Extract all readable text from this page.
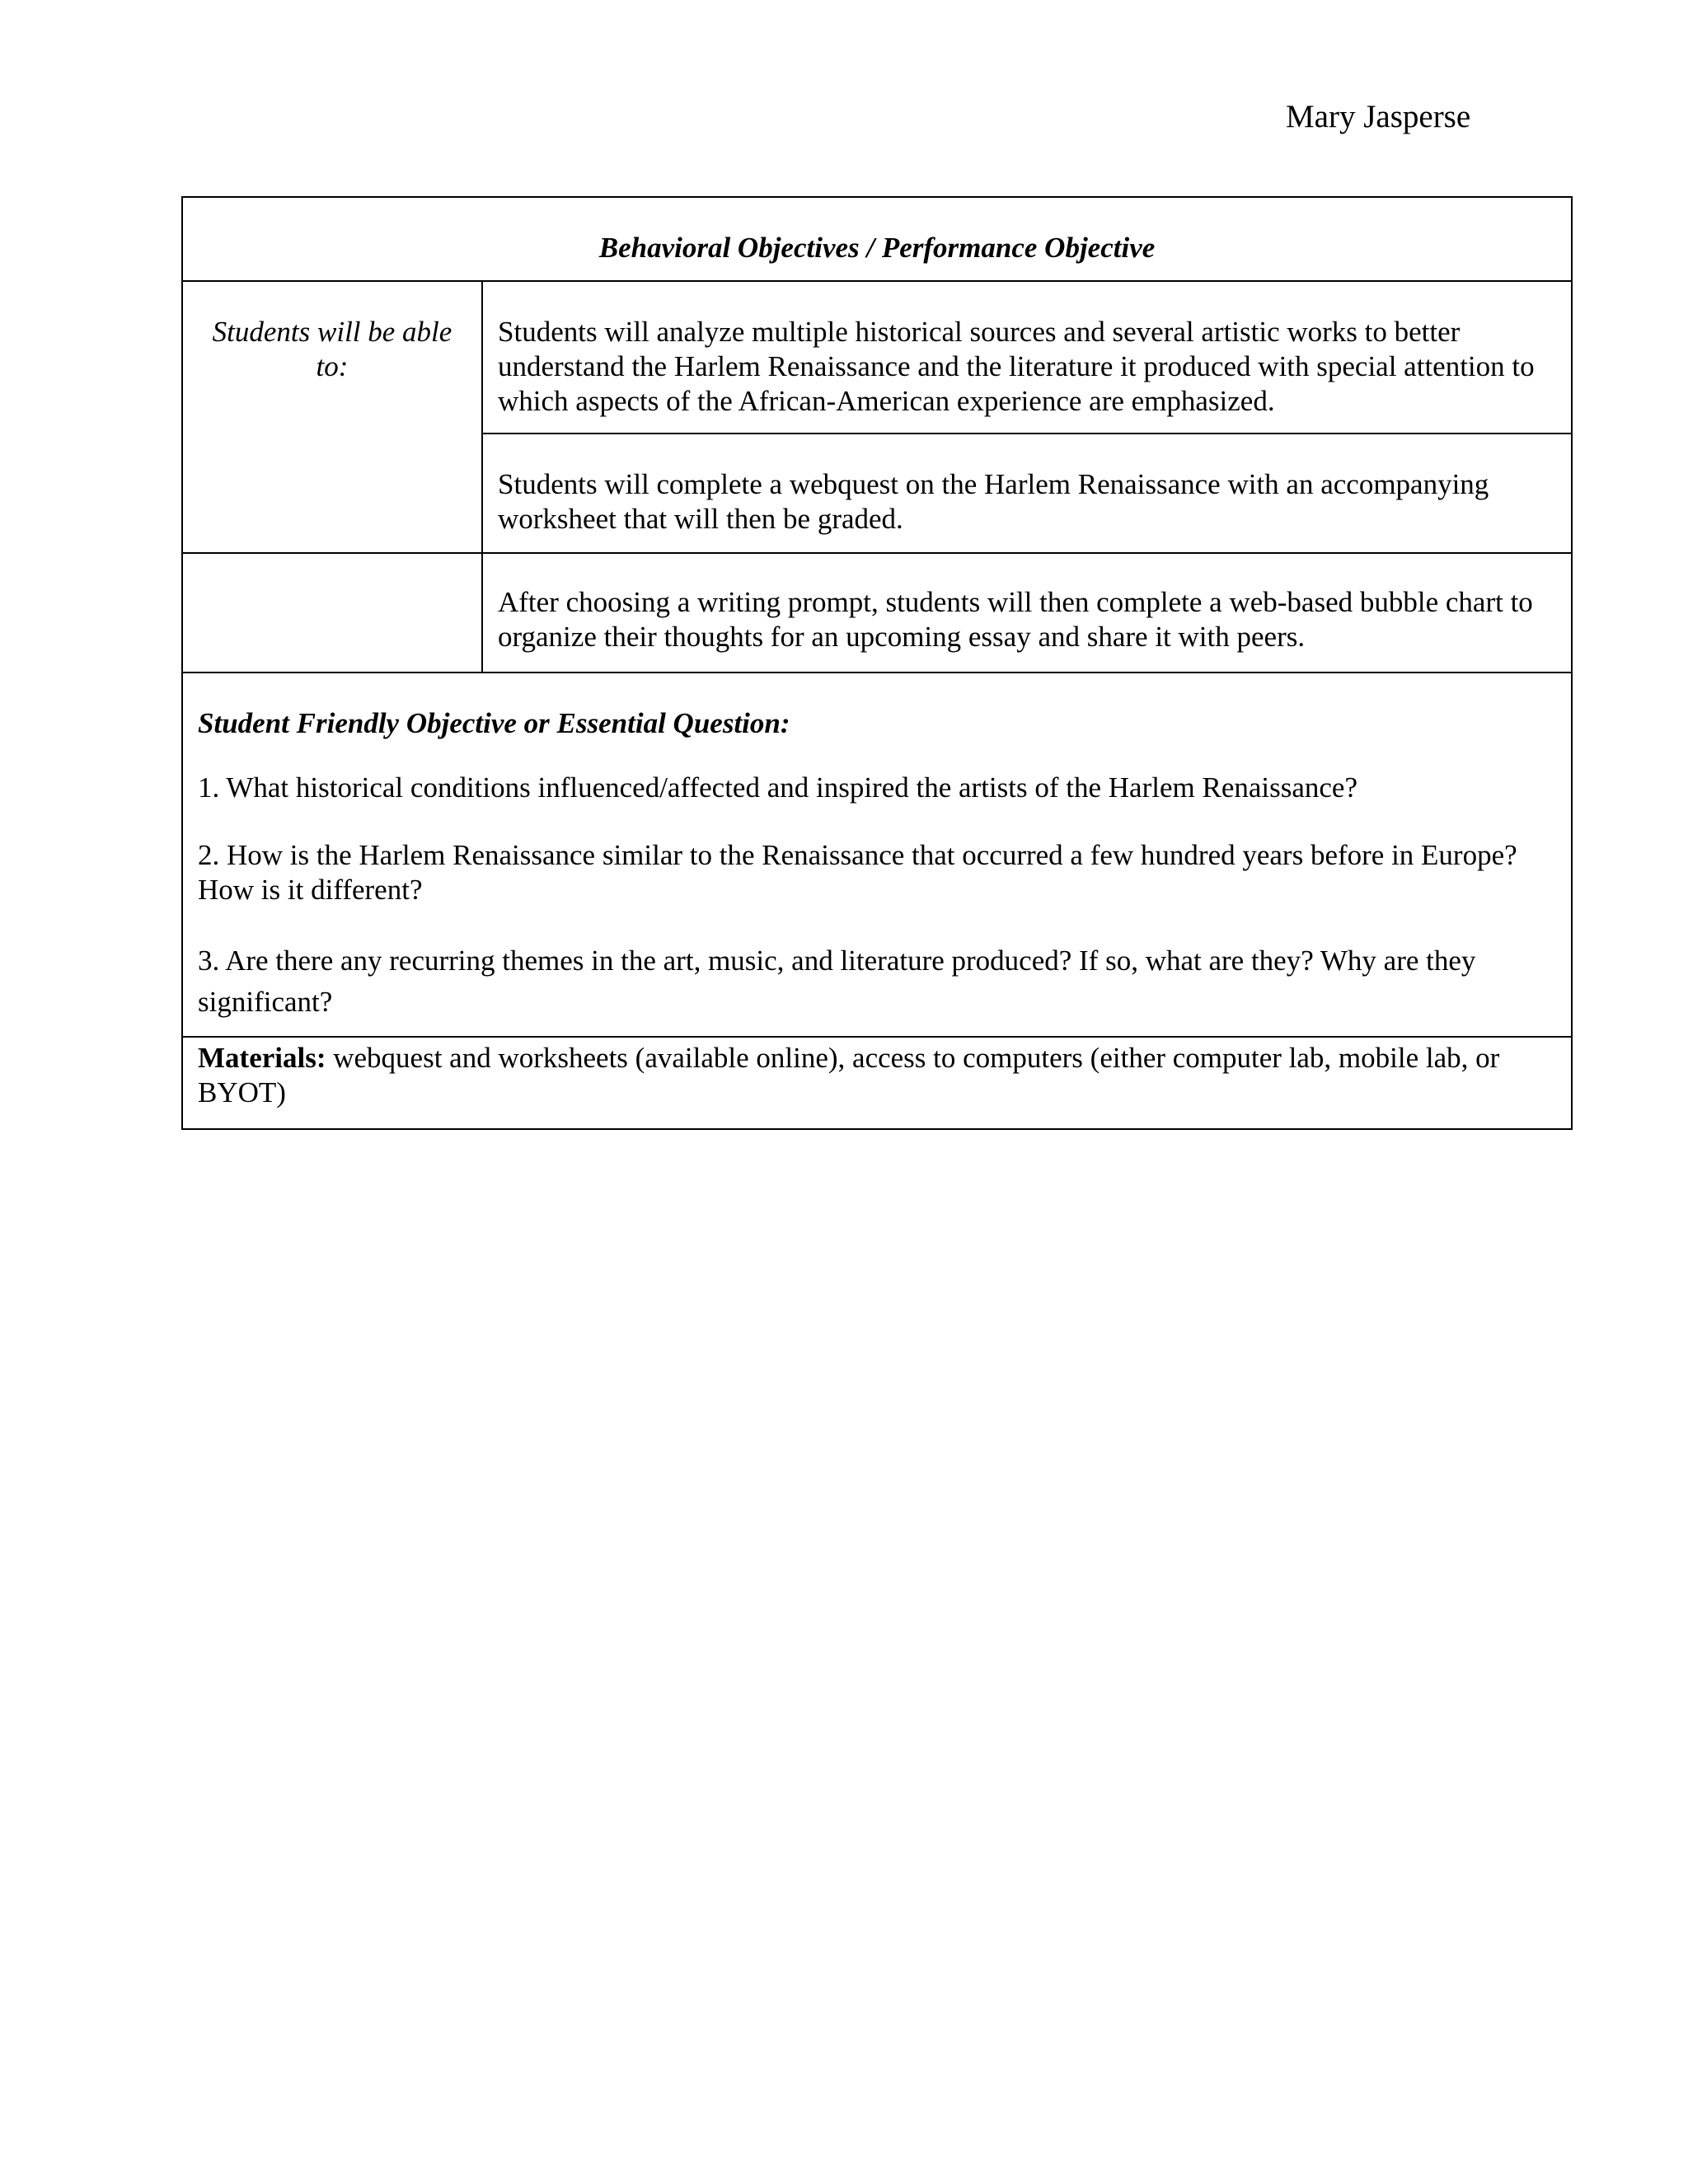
Mary Jasperse
Behavioral Objectives / Performance Objective	
Students will be able to:	Students will analyze multiple historical sources and several artistic works to better understand the Harlem Renaissance and the literature it produced with special attention to which aspects of the African-American experience are emphasized.
	Students will complete a webquest on the Harlem Renaissance with an accompanying worksheet that will then be graded.
	After choosing a writing prompt, students will then complete a web-based bubble chart to organize their thoughts for an upcoming essay and share it with peers.

Student Friendly Objective or Essential Question:
1. What historical conditions influenced/affected and inspired the artists of the Harlem Renaissance?
2. How is the Harlem Renaissance similar to the Renaissance that occurred a few hundred years before in Europe? How is it different?
3. Are there any recurring themes in the art, music, and literature produced? If so, what are they? Why are they significant?	

Materials: webquest and worksheets (available online), access to computers (either computer lab, mobile lab, or BYOT)	
